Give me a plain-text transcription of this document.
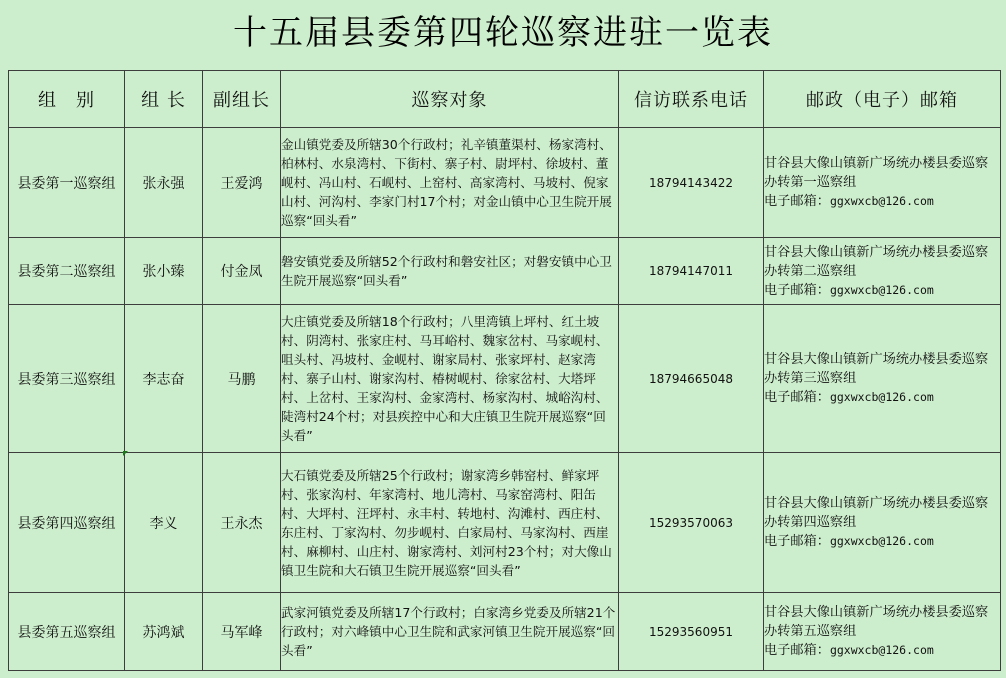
十五届县委第四轮巡察进驻一览表
组　别	组 长	副组长	巡察对象	信访联系电话	邮政（电子）邮箱
县委第一巡察组	张永强	王爱鸿	金山镇党委及所辖30个行政村；礼辛镇董渠村、杨家湾村、柏林村、水泉湾村、下街村、寨子村、尉坪村、徐坡村、董岘村、冯山村、石岘村、上窑村、高家湾村、马坡村、倪家山村、河沟村、李家门村17个村；对金山镇中心卫生院开展巡察“回头看”	18794143422	甘谷县大像山镇新广场统办楼县委巡察办转第一巡察组
电子邮箱：ggxwxcb@126.com

县委第二巡察组	张小臻	付金凤	磐安镇党委及所辖52个行政村和磐安社区；对磐安镇中心卫生院开展巡察“回头看”	18794147011	甘谷县大像山镇新广场统办楼县委巡察办转第二巡察组
电子邮箱：ggxwxcb@126.com

县委第三巡察组	李志奋	马鹏	大庄镇党委及所辖18个行政村；八里湾镇上坪村、红土坡村、阴湾村、张家庄村、马耳峪村、魏家岔村、马家岘村、咀头村、冯坡村、金岘村、谢家局村、张家坪村、赵家湾村、寨子山村、谢家沟村、椿树岘村、徐家岔村、大塔坪村、上岔村、王家沟村、金家湾村、杨家沟村、城峪沟村、陡湾村24个村；对县疾控中心和大庄镇卫生院开展巡察“回头看”	18794665048	甘谷县大像山镇新广场统办楼县委巡察办转第三巡察组
电子邮箱：ggxwxcb@126.com

县委第四巡察组	李义	王永杰	大石镇党委及所辖25个行政村；谢家湾乡韩窑村、鲜家坪村、张家沟村、年家湾村、地儿湾村、马家窑湾村、阳缶村、大坪村、汪坪村、永丰村、转地村、沟滩村、西庄村、东庄村、丁家沟村、勿步岘村、白家局村、马家沟村、西崖村、麻柳村、山庄村、谢家湾村、刘河村23个村；对大像山镇卫生院和大石镇卫生院开展巡察“回头看”	15293570063	甘谷县大像山镇新广场统办楼县委巡察办转第四巡察组
电子邮箱：ggxwxcb@126.com

县委第五巡察组	苏鸿斌	马军峰	武家河镇党委及所辖17个行政村；白家湾乡党委及所辖21个行政村；对六峰镇中心卫生院和武家河镇卫生院开展巡察“回头看”	15293560951	甘谷县大像山镇新广场统办楼县委巡察办转第五巡察组
电子邮箱：ggxwxcb@126.com
